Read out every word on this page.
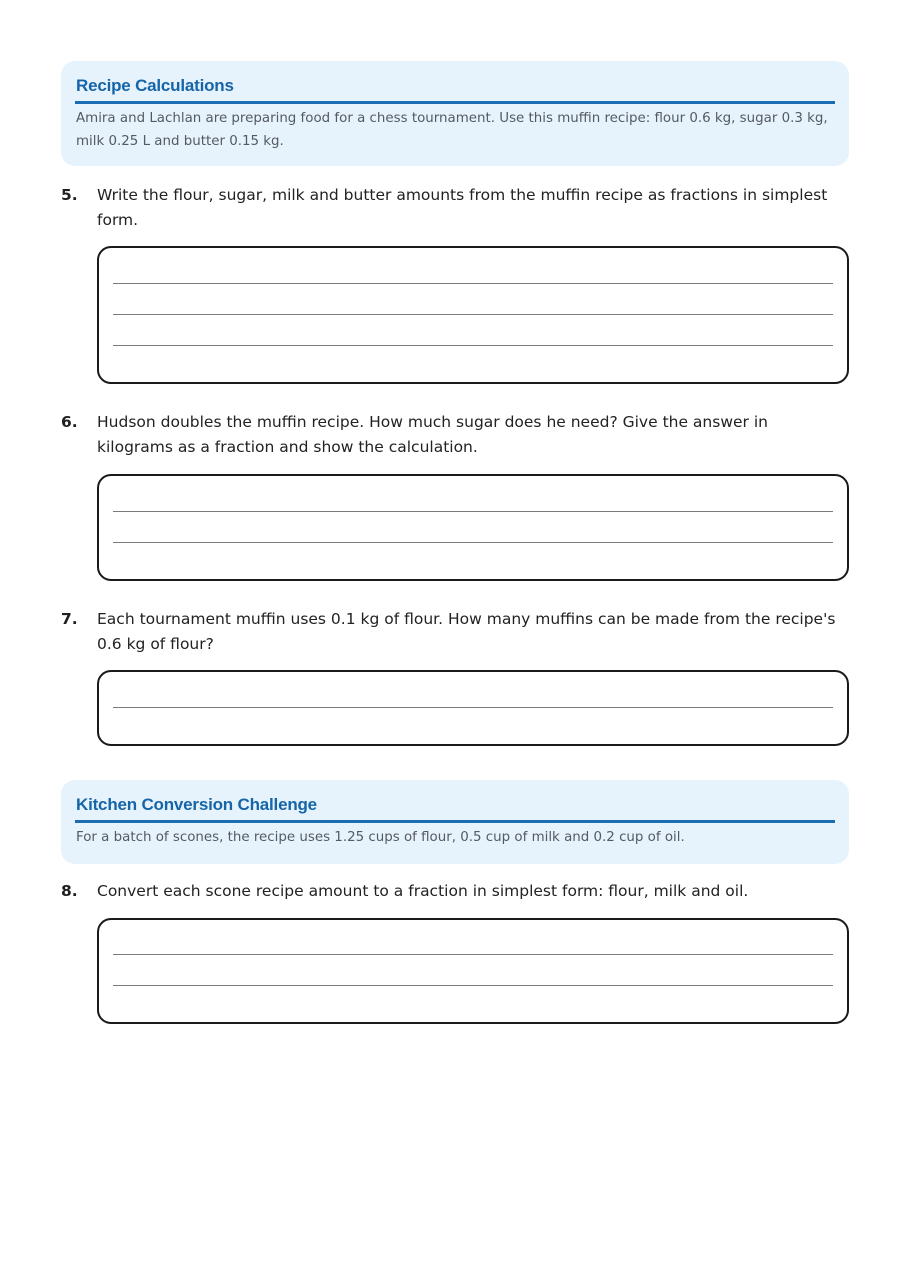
Recipe Calculations
Amira and Lachlan are preparing food for a chess tournament. Use this muffin recipe: flour 0.6 kg, sugar 0.3 kg, milk 0.25 L and butter 0.15 kg.
5. Write the flour, sugar, milk and butter amounts from the muffin recipe as fractions in simplest form.
6. Hudson doubles the muffin recipe. How much sugar does he need? Give the answer in kilograms as a fraction and show the calculation.
7. Each tournament muffin uses 0.1 kg of flour. How many muffins can be made from the recipe's 0.6 kg of flour?
Kitchen Conversion Challenge
For a batch of scones, the recipe uses 1.25 cups of flour, 0.5 cup of milk and 0.2 cup of oil.
8. Convert each scone recipe amount to a fraction in simplest form: flour, milk and oil.
